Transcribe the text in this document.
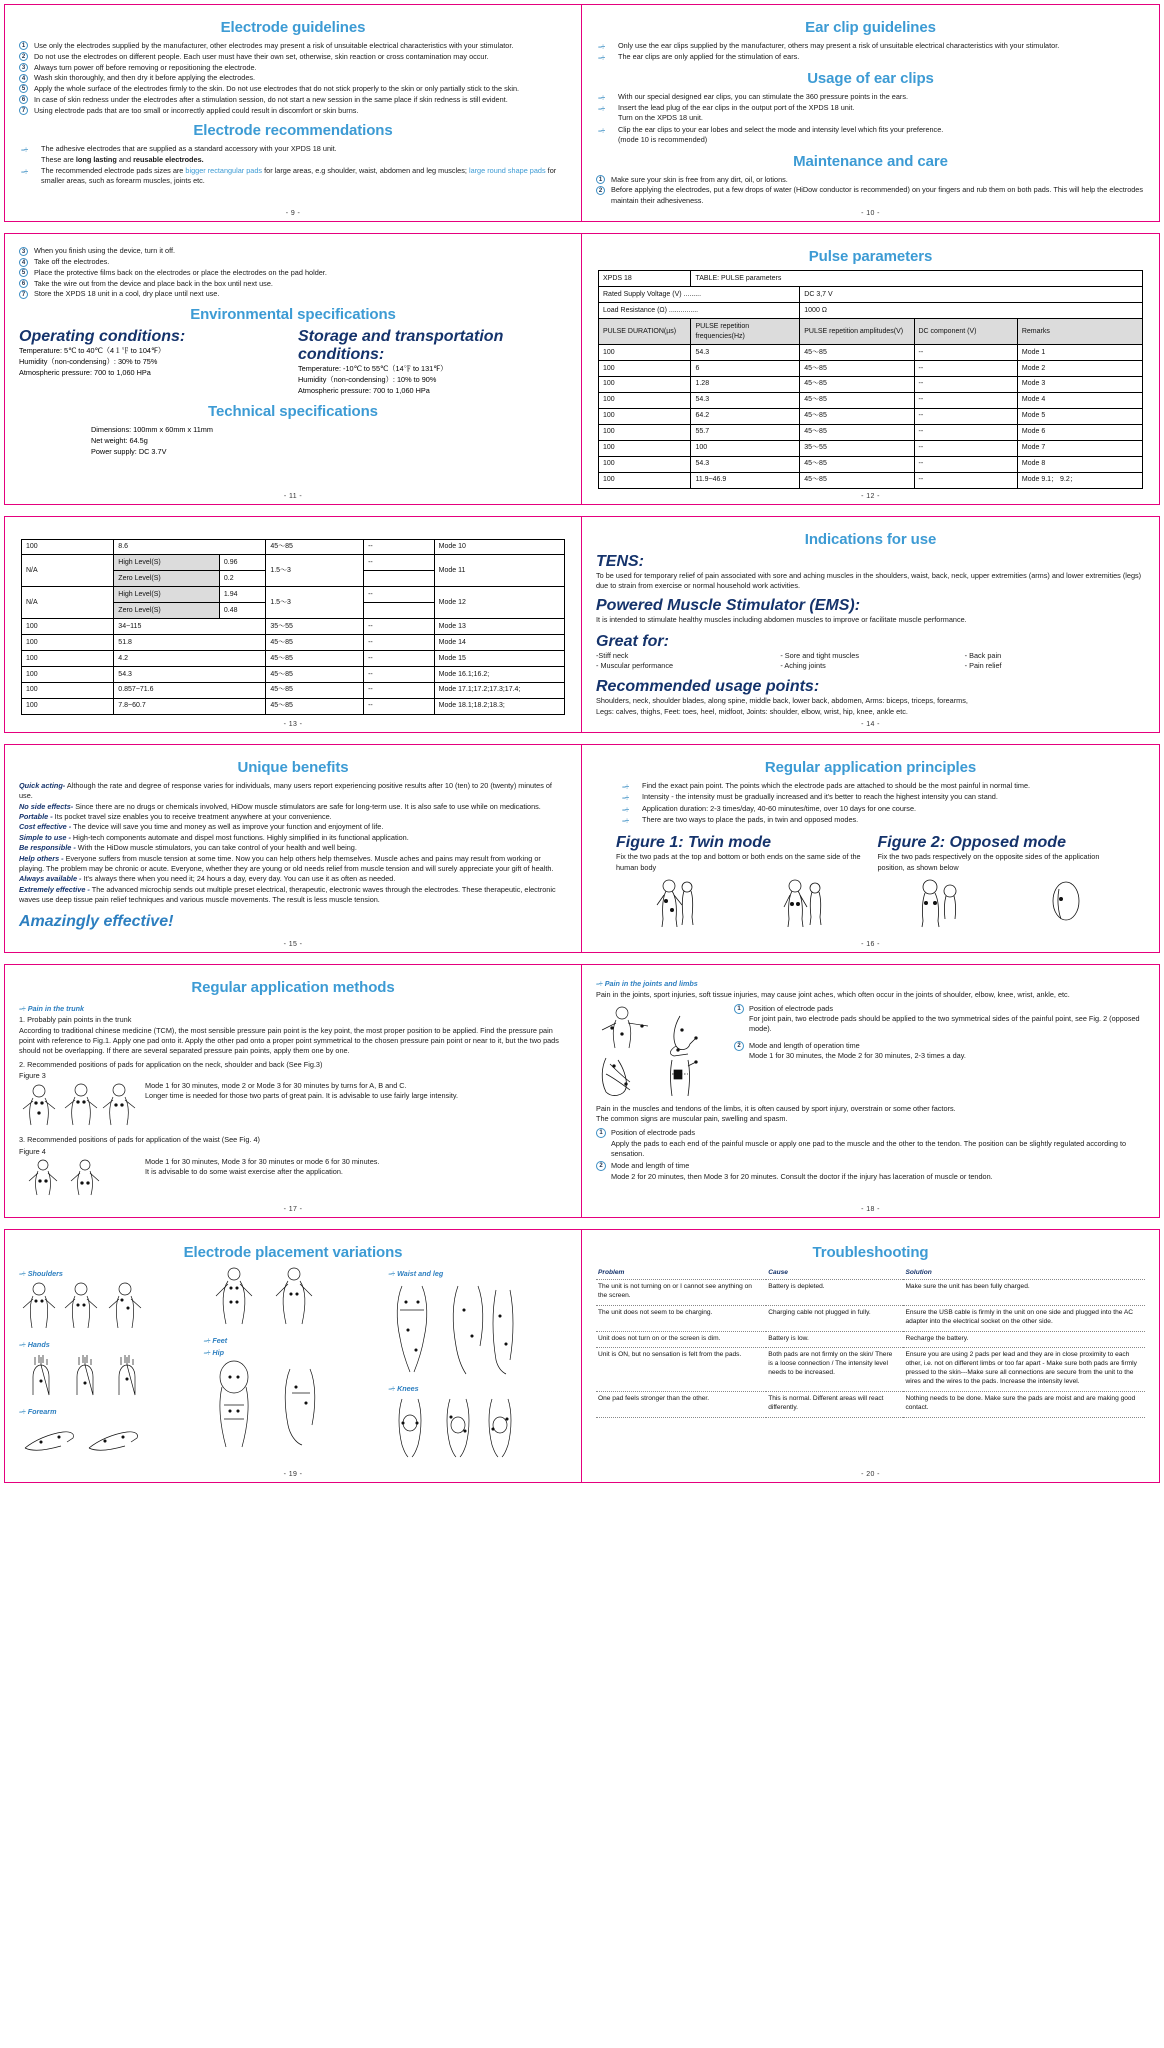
Electrode guidelines
1	Use only the electrodes supplied by the manufacturer, other electrodes may present a risk of unsuitable electrical characteristics with your stimulator.
2	Do not use the electrodes on different people. Each user must have their own set, otherwise, skin reaction or cross contamination may occur.
3	Always turn power off before removing or repositioning the electrode.
4	Wash skin thoroughly, and then dry it before applying the electrodes.
5	Apply the whole surface of the electrodes firmly to the skin. Do not use electrodes that do not stick properly to the skin or only partially stick to the skin.
6	In case of skin redness under the electrodes after a stimulation session, do not start a new session in the same place if skin redness is still evident.
7	Using electrode pads that are too small or incorrectly applied could result in discomfort or skin burns.
Electrode recommendations
--÷ The adhesive electrodes that are supplied as a standard accessory with your XPDS 18 unit.
These are long lasting and reusable electrodes.
--÷ The recommended electrode pads sizes are bigger rectangular pads for large areas, e.g shoulder, waist, abdomen and leg muscles; large round shape pads for smaller areas, such as forearm muscles, joints etc.
- 9 -
Ear clip guidelines
--÷ Only use the ear clips supplied by the manufacturer, others may present a risk of unsuitable electrical characteristics with your stimulator.
--÷ The ear clips are only applied for the stimulation of ears.
Usage of ear clips
--÷ With our special designed ear clips, you can stimulate the 360 pressure points in the ears.
--÷ Insert the lead plug of the ear clips in the output port of the XPDS 18 unit.
Turn on the XPDS 18 unit.
--÷ Clip the ear clips to your ear lobes and select the mode and intensity level which fits your preference.
(mode 10 is recommended)
Maintenance and care
1	Make sure your skin is free from any dirt, oil, or lotions.
2	Before applying the electrodes, put a few drops of water (HiDow conductor is recommended) on your fingers and rub them on both pads. This will help the electrodes maintain their adhesiveness.
- 10 -
3	When you finish using the device, turn it off.
4	Take off the electrodes.
5	Place the protective films back on the electrodes or place the electrodes on the pad holder.
6	Take the wire out from the device and place back in the box until next use.
7	Store the XPDS 18 unit in a cool, dry place until next use.
Environmental specifications
Operating conditions:
Temperature: 5℃ to 40℃（4１℉ to 104℉）
Humidity（non-condensing）: 30% to 75%
Atmospheric pressure: 700 to 1,060 HPa
Storage and transportation conditions:
Temperature: -10℃ to 55℃（14℉ to 131℉）
Humidity（non-condensing）: 10% to 90%
Atmospheric pressure: 700 to 1,060 HPa
Technical specifications
Dimensions: 100mm x 60mm x 11mm
Net weight: 64.5g
Power supply: DC 3.7V
- 11 -
Pulse parameters
XPDS 18	TABLE: PULSE parameters			
Rated Supply Voltage (V) .........		DC 3,7 V		
Load Resistance (Ω) ...............		1000 Ω		
PULSE DURATION(µs)	PULSE repetition frequencies(Hz)	PULSE repetition amplitudes(V)	DC component (V)	Remarks
100	54.3	45～85	--	Mode 1
100	6	45～85	--	Mode 2
100	1.28	45～85	--	Mode 3
100	54.3	45～85	--	Mode 4
100	64.2	45～85	--	Mode 5
100	55.7	45～85	--	Mode 6
100	100	35～55	--	Mode 7
100	54.3	45～85	--	Mode 8
100	11.9~46.9	45～85	--	Mode 9.1； 9.2；
- 12 -
100	8.6		45～85	--	Mode 10
N/A	High Level(S)	0.96	1.5～3	--	Mode 11
	Zero Level(S)	0.2			
N/A	High Level(S)	1.94	1.5～3	--	Mode 12
	Zero Level(S)	0.48			
100	34~115		35～55	--	Mode 13
100	51.8		45～85	--	Mode 14
100	4.2		45～85	--	Mode 15
100	54.3		45～85	--	Mode 16.1;16.2;
100	0.857~71.6		45～85	--	Mode 17.1;17.2;17.3;17.4;
100	7.8~60.7		45～85	--	Mode 18.1;18.2;18.3;
- 13 -
Indications for use
TENS:
To be used for temporary relief of pain associated with sore and aching muscles in the shoulders, waist, back, neck, upper extremities (arms) and lower extremities (legs) due to strain from exercise or normal household work activities.
Powered Muscle Stimulator (EMS):
It is intended to stimulate healthy muscles including abdomen muscles to improve or facilitate muscle performance.
Great for:
-Stiff neck
- Muscular performance
- Sore and tight muscles
- Aching joints
- Back pain
- Pain relief
Recommended usage points:
Shoulders, neck, shoulder blades, along spine, middle back, lower back, abdomen, Arms: biceps, triceps, forearms,
Legs: calves, thighs, Feet: toes, heel, midfoot, Joints: shoulder, elbow, wrist, hip, knee, ankle etc.
- 14 -
Unique benefits
Quick acting- Although the rate and degree of response varies for individuals, many users report experiencing positive results after 10 (ten) to 20 (twenty) minutes of use.
No side effects- Since there are no drugs or chemicals involved, HiDow muscle stimulators are safe for long-term use. It is also safe to use while on medications.
Portable - Its pocket travel size enables you to receive treatment anywhere at your convenience.
Cost effective - The device will save you time and money as well as improve your function and enjoyment of life.
Simple to use - High-tech components automate and dispel most functions. Highly simplified in its functional application.
Be responsible - With the HiDow muscle stimulators, you can take control of your health and well being.
Help others - Everyone suffers from muscle tension at some time. Now you can help others help themselves. Muscle aches and pains may result from working or playing. The problem may be chronic or acute. Everyone, whether they are young or old needs relief from muscle tension and will surely appreciate your gift of health.
Always available - It's always there when you need it; 24 hours a day, every day. You can use it as often as needed.
Extremely effective - The advanced microchip sends out multiple preset electrical, therapeutic, electronic waves through the electrodes. These therapeutic, electronic waves use deep tissue pain relief techniques and various muscle movements. The result is less muscle tension.
Amazingly effective!
- 15 -
Regular application principles
--÷ Find the exact pain point. The points which the electrode pads are attached to should be the most painful in normal time.
--÷ Intensity - the intensity must be gradually increased and it's better to reach the highest intensity you can stand.
--÷ Application duration: 2-3 times/day, 40-60 minutes/time, over 10 days for one course.
--÷ There are two ways to place the pads, in twin and opposed modes.
Figure 1: Twin mode
Fix the two pads at the top and bottom or both ends on the same side of the human body
Figure 2: Opposed mode
Fix the two pads respectively on the opposite sides of the application position, as shown below
- 16 -
Regular application methods
--÷ Pain in the trunk
1. Probably pain points in the trunk
According to traditional chinese medicine (TCM), the most sensible pressure pain point is the key point, the most proper position to be applied. Find the pressure pain point with reference to Fig.1. Apply one pad onto it. Apply the other pad onto a proper point symmetrical to the chosen pressure pain point or near to it, but the two pads should not be overlapping. If there are several separated pressure pain points, apply them one by one.
2. Recommended positions of pads for application on the neck, shoulder and back (See Fig.3)
Figure 3
Mode 1 for 30 minutes, mode 2 or Mode 3 for 30 minutes by turns for A, B and C.
Longer time is needed for those two parts of great pain. It is advisable to use fairly large intensity.
3. Recommended positions of pads for application of the waist (See Fig. 4)
Figure 4
Mode 1 for 30 minutes, Mode 3 for 30 minutes or mode 6 for 30 minutes.
It is advisable to do some waist exercise after the application.
- 17 -
--÷ Pain in the joints and limbs
Pain in the joints, sport injuries, soft tissue injuries, may cause joint aches, which often occur in the joints of shoulder, elbow, knee, wrist, ankle, etc.
1	Position of electrode pads
For joint pain, two electrode pads should be applied to the two symmetrical sides of the painful point, see Fig. 2 (opposed mode).
2	Mode and length of operation time
Mode 1 for 30 minutes, the Mode 2 for 30 minutes, 2-3 times a day.
Pain in the muscles and tendons of the limbs, it is often caused by sport injury, overstrain or some other factors.
The common signs are muscular pain, swelling and spasm.
1	Position of electrode pads
Apply the pads to each end of the painful muscle or apply one pad to the muscle and the other to the tendon. The position can be slightly regulated according to sensation.
2	Mode and length of time
Mode 2 for 20 minutes, then Mode 3 for 20 minutes. Consult the doctor if the injury has laceration of muscle or tendon.
- 18 -
Electrode placement variations
--÷ Shoulders
--÷ Hands
--÷ Forearm
--÷ Feet
--÷ Hip
--÷ Waist and leg
--÷ Knees
- 19 -
Troubleshooting
Problem	Cause	Solution
The unit is not turning on or I cannot see anything on the screen.	Battery is depleted.	Make sure the unit has been fully charged.
The unit does not seem to be charging.	Charging cable not plugged in fully.	Ensure the USB cable is firmly in the unit on one side and plugged into the AC adapter into the electrical socket on the other side.
Unit does not turn on or the screen is dim.	Battery is low.	Recharge the battery.
Unit is ON, but no sensation is felt from the pads.	Both pads are not firmly on the skin/ There is a loose connection / The intensity level needs to be increased.	Ensure you are using 2 pads per lead and they are in close proximity to each other, i.e. not on different limbs or too far apart - Make sure both pads are firmly pressed to the skin---Make sure all connections are secure from the unit to the wires and the wires to the pads. Increase the intensity level.
One pad feels stronger than the other.	This is normal. Different areas will react differently.	Nothing needs to be done. Make sure the pads are moist and are making good contact.
- 20 -
